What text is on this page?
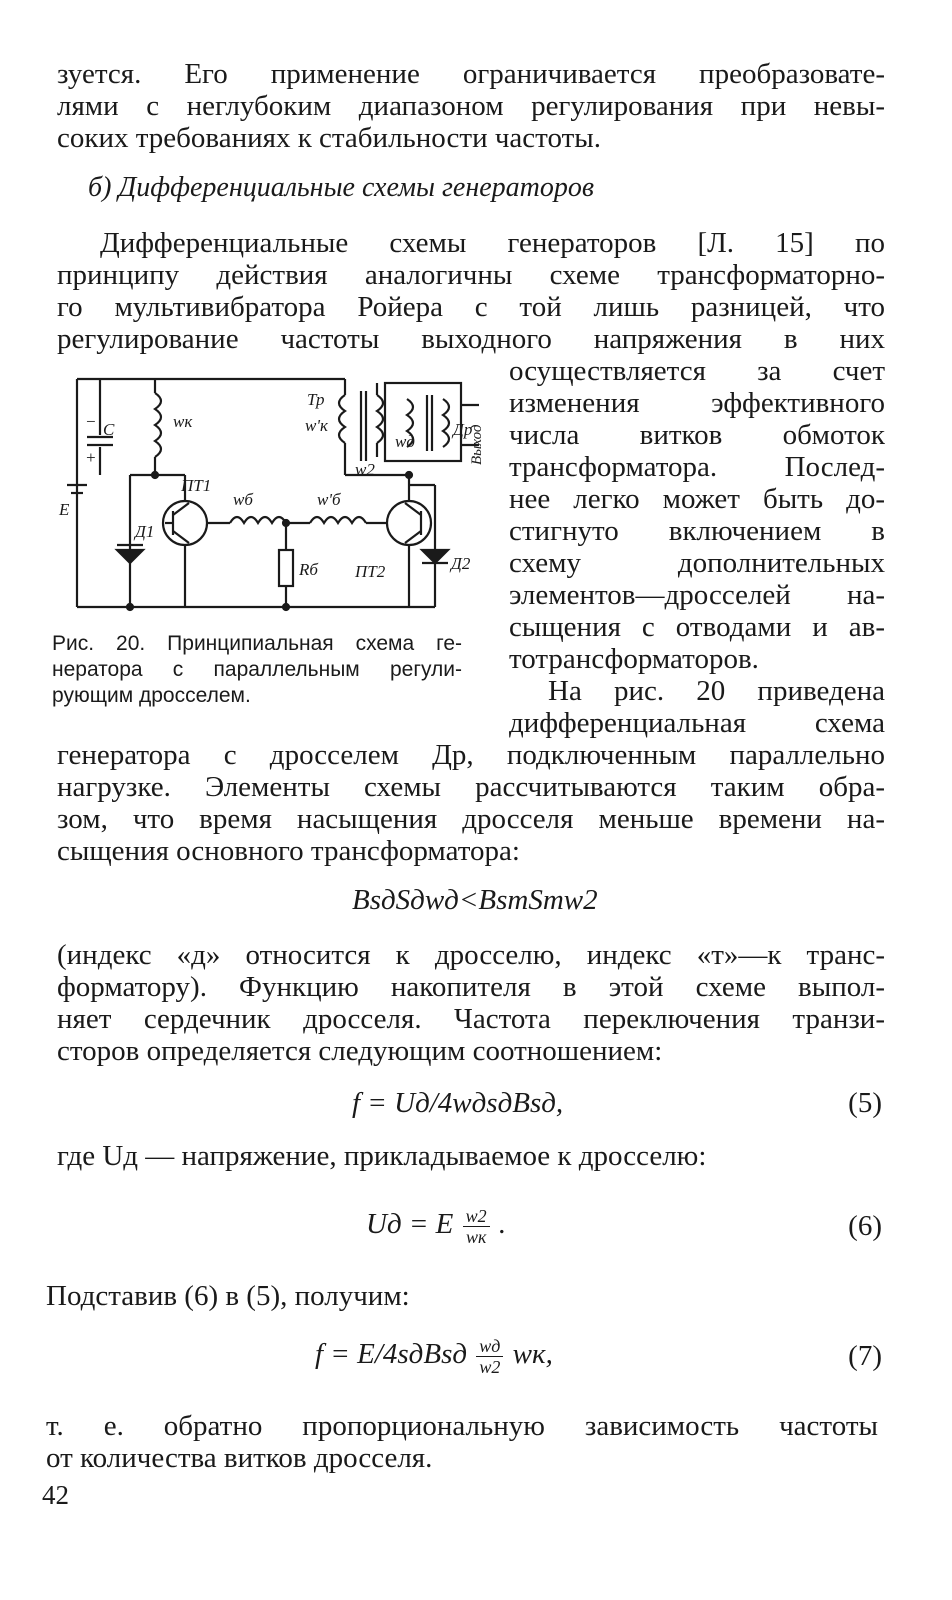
зуется. Его применение ограничивается преобразовате-
лями с неглубоким диапазоном регулирования при невы-
соких требованиях к стабильности частоты.
б) Дифференциальные схемы генераторов
Дифференциальные схемы генераторов [Л. 15] по
принципу действия аналогичны схеме трансформаторно-
го мультивибратора Ройера с той лишь разницей, что
регулирование частоты выходного напряжения в них
осуществляется за счет
изменения эффективного
числа витков обмоток
трансформатора. Послед-
нее легко может быть до-
стигнуто включением в
схему дополнительных
элементов—дросселей на-
сыщения с отводами и ав-
тотрансформаторов.
На рис. 20 приведена
дифференциальная схема
генератора с дросселем Др, подключенным параллельно
нагрузке. Элементы схемы рассчитываются таким обра-
зом, что время насыщения дросселя меньше времени на-
сыщения основного трансформатора:
C
−
+
E
wк
Тр
w'к
w2
wд
Др
ПТ1
ПТ2
wб	w'б
Rб
Д1
Д2
Выход
Рис. 20. Принципиальная схема ге-
нератора с параллельным регули-
рующим дросселем.
BsдSдwд<BsтSтw2
(индекс «д» относится к дросселю, индекс «т»—к транс-
форматору). Функцию накопителя в этой схеме выпол-
няет сердечник дросселя. Частота переключения транзи-
сторов определяется следующим соотношением:
f = Uд/4wдsдBsд,	(5)
где Uд — напряжение, прикладываемое к дросселю:
Uд = E $\frac{w2}{wк}$ .	(6)
Подставив (6) в (5), получим:
f = E/4sдBsд $\frac{wд}{w2}$ wк,	(7)
т. е. обратно пропорциональную зависимость частоты
от количества витков дросселя.
42
